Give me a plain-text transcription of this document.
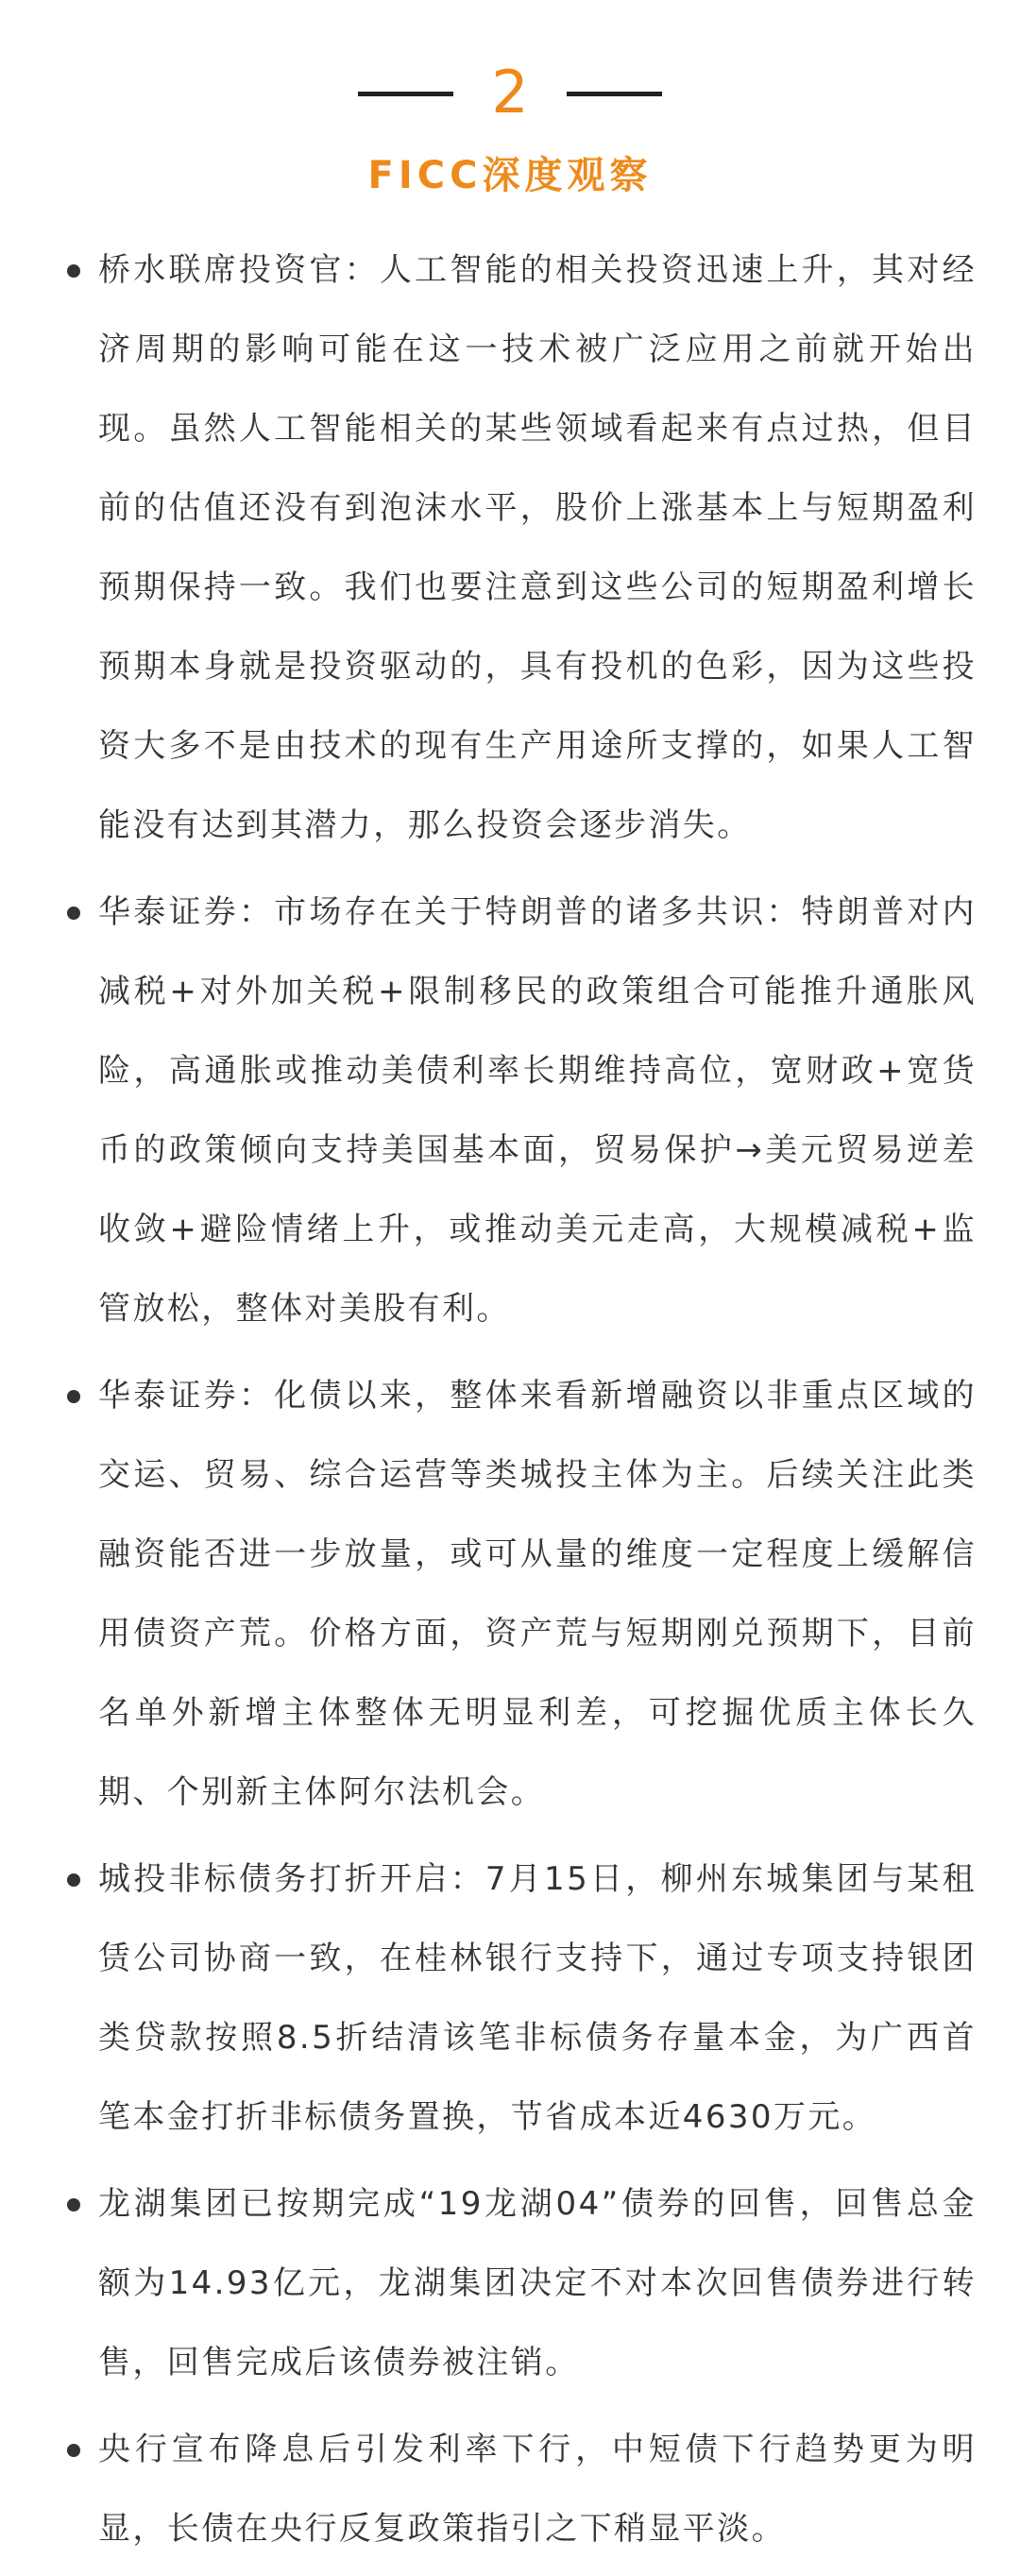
2
FICC深度观察
桥水联席投资官：人工智能的相关投资迅速上升，其对经济周期的影响可能在这一技术被广泛应用之前就开始出现。虽然人工智能相关的某些领域看起来有点过热，但目前的估值还没有到泡沫水平，股价上涨基本上与短期盈利预期保持一致。我们也要注意到这些公司的短期盈利增长预期本身就是投资驱动的，具有投机的色彩，因为这些投资大多不是由技术的现有生产用途所支撑的，如果人工智能没有达到其潜力，那么投资会逐步消失。
华泰证券：市场存在关于特朗普的诸多共识：特朗普对内减税+对外加关税+限制移民的政策组合可能推升通胀风险，高通胀或推动美债利率长期维持高位，宽财政+宽货币的政策倾向支持美国基本面，贸易保护→美元贸易逆差收敛+避险情绪上升，或推动美元走高，大规模减税+监管放松，整体对美股有利。
华泰证券：化债以来，整体来看新增融资以非重点区域的交运、贸易、综合运营等类城投主体为主。后续关注此类融资能否进一步放量，或可从量的维度一定程度上缓解信用债资产荒。价格方面，资产荒与短期刚兑预期下，目前名单外新增主体整体无明显利差，可挖掘优质主体长久期、个别新主体阿尔法机会。
城投非标债务打折开启：7月15日，柳州东城集团与某租赁公司协商一致，在桂林银行支持下，通过专项支持银团类贷款按照8.5折结清该笔非标债务存量本金，为广西首笔本金打折非标债务置换，节省成本近4630万元。
龙湖集团已按期完成“19龙湖04”债券的回售，回售总金额为14.93亿元，龙湖集团决定不对本次回售债券进行转售，回售完成后该债券被注销。
央行宣布降息后引发利率下行，中短债下行趋势更为明显，长债在央行反复政策指引之下稍显平淡。
